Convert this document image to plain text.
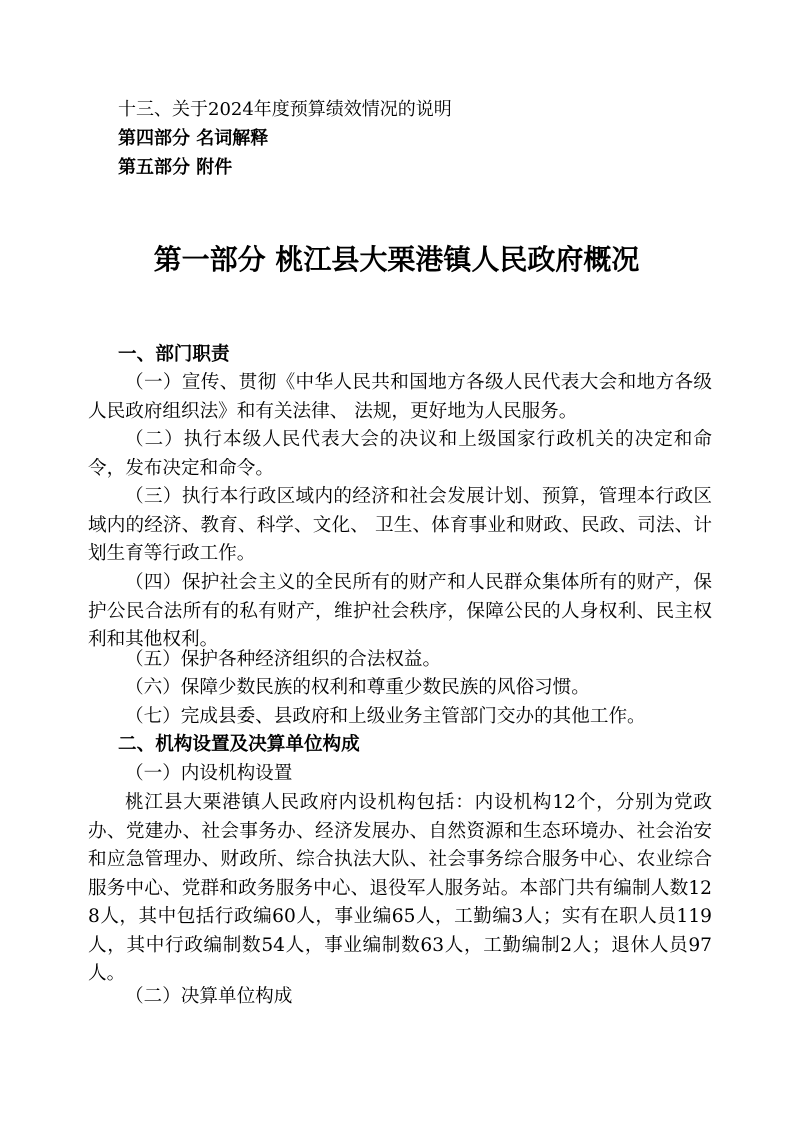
十三、关于2024年度预算绩效情况的说明
第四部分 名词解释
第五部分 附件
第一部分 桃江县大栗港镇人民政府概况
一、部门职责
（一）宣传、贯彻《中华人民共和国地方各级人民代表大会和地方各级人民政府组织法》和有关法律、 法规，更好地为人民服务。
（二）执行本级人民代表大会的决议和上级国家行政机关的决定和命令，发布决定和命令。
（三）执行本行政区域内的经济和社会发展计划、预算，管理本行政区域内的经济、教育、科学、文化、 卫生、体育事业和财政、民政、司法、计划生育等行政工作。
（四）保护社会主义的全民所有的财产和人民群众集体所有的财产，保护公民合法所有的私有财产，维护社会秩序，保障公民的人身权利、民主权利和其他权利。
（五）保护各种经济组织的合法权益。
（六）保障少数民族的权利和尊重少数民族的风俗习惯。
（七）完成县委、县政府和上级业务主管部门交办的其他工作。
二、机构设置及决算单位构成
（一）内设机构设置
桃江县大栗港镇人民政府内设机构包括：内设机构12个，分别为党政办、党建办、社会事务办、经济发展办、自然资源和生态环境办、社会治安和应急管理办、财政所、综合执法大队、社会事务综合服务中心、农业综合服务中心、党群和政务服务中心、退役军人服务站。本部门共有编制人数128人，其中包括行政编60人，事业编65人，工勤编3人；实有在职人员119人，其中行政编制数54人，事业编制数63人，工勤编制2人；退休人员97人。
（二）决算单位构成
